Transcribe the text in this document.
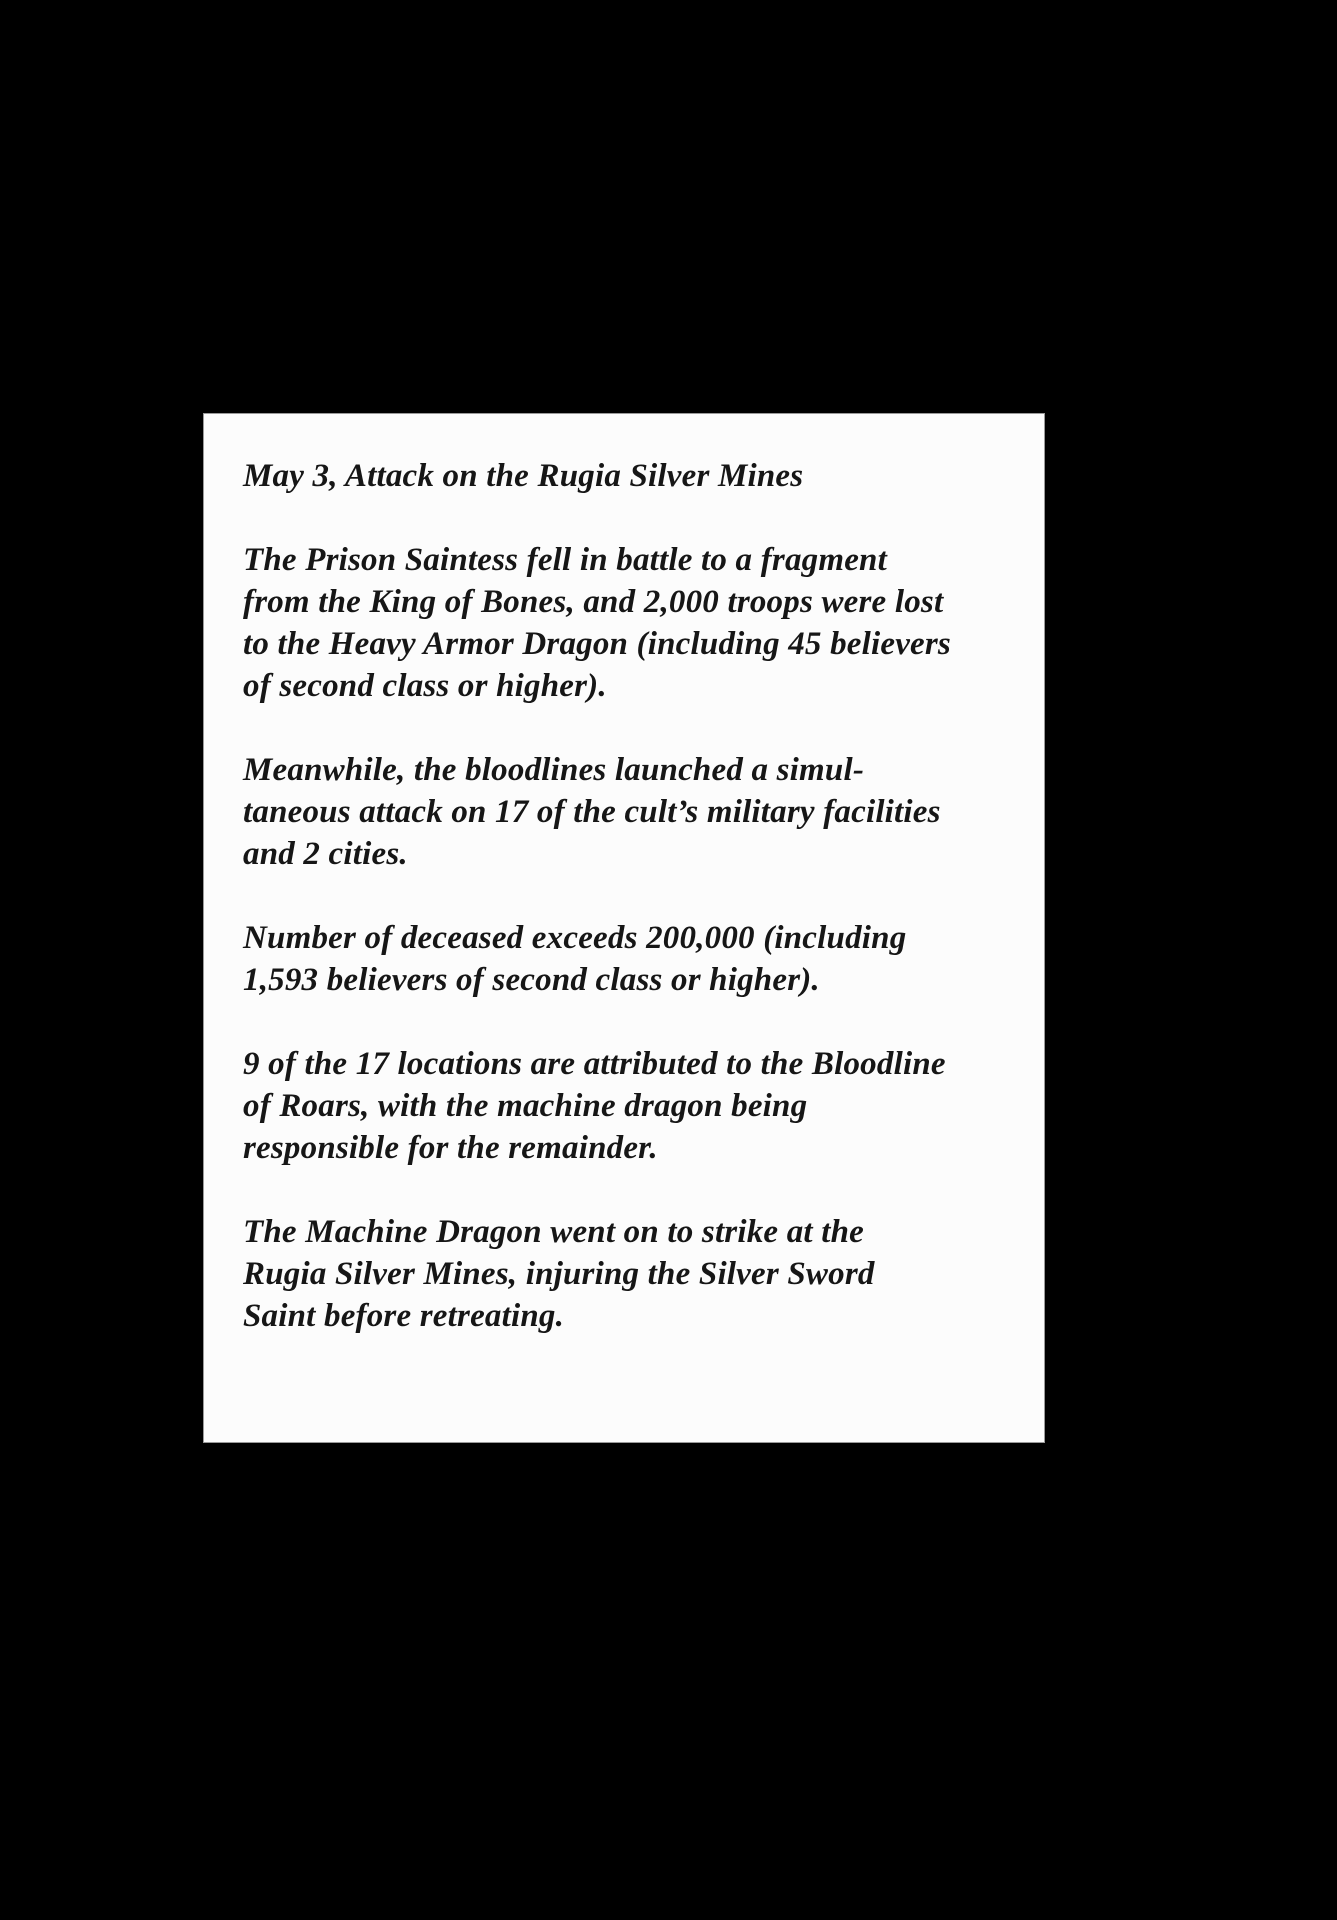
May 3, Attack on the Rugia Silver Mines

The Prison Saintess fell in battle to a fragment
from the King of Bones, and 2,000 troops were lost
to the Heavy Armor Dragon (including 45 believers
of second class or higher).

Meanwhile, the bloodlines launched a simul-
taneous attack on 17 of the cult’s military facilities
and 2 cities.

Number of deceased exceeds 200,000 (including
1,593 believers of second class or higher).

9 of the 17 locations are attributed to the Bloodline
of Roars, with the machine dragon being
responsible for the remainder.

The Machine Dragon went on to strike at the
Rugia Silver Mines, injuring the Silver Sword
Saint before retreating.
